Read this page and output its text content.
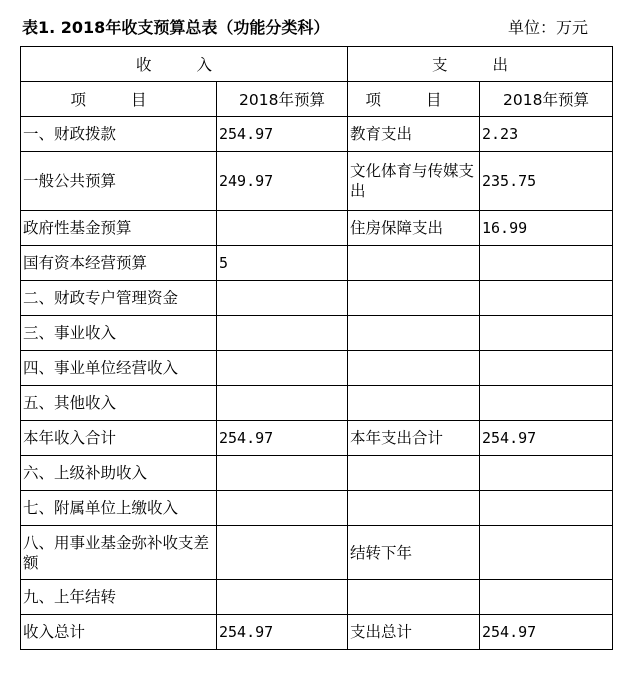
表1. 2018年收支预算总表（功能分类科）	单位：万元
收 入		支 出	
项 目	2018年预算	项 目	2018年预算
一、财政拨款	254.97	教育支出	2.23
一般公共预算	249.97	文化体育与传媒支出	235.75
政府性基金预算		住房保障支出	16.99
国有资本经营预算	5		
二、财政专户管理资金			
三、事业收入			
四、事业单位经营收入			
五、其他收入			
本年收入合计	254.97	本年支出合计	254.97
六、上级补助收入			
七、附属单位上缴收入			
八、用事业基金弥补收支差额		结转下年	
九、上年结转			
收入总计	254.97	支出总计	254.97
